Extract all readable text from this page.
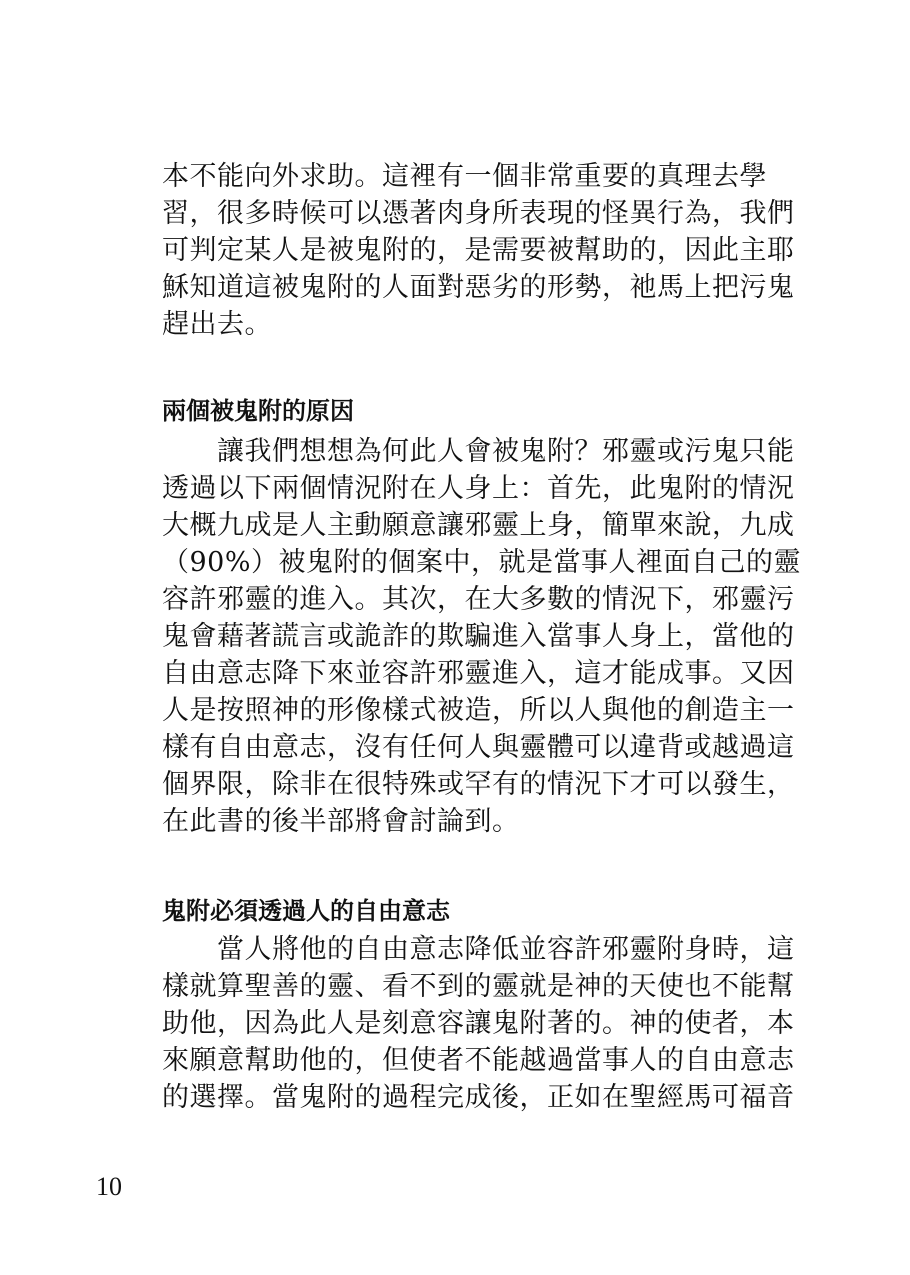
本不能向外求助。這裡有一個非常重要的真理去學
習，很多時候可以憑著肉身所表現的怪異行為，我們
可判定某人是被鬼附的，是需要被幫助的，因此主耶
穌知道這被鬼附的人面對惡劣的形勢，祂馬上把污鬼
趕出去。
兩個被鬼附的原因
　　讓我們想想為何此人會被鬼附？邪靈或污鬼只能
透過以下兩個情況附在人身上：首先，此鬼附的情況
大概九成是人主動願意讓邪靈上身，簡單來說，九成
（90%）被鬼附的個案中，就是當事人裡面自己的靈
容許邪靈的進入。其次，在大多數的情況下，邪靈污
鬼會藉著謊言或詭詐的欺騙進入當事人身上，當他的
自由意志降下來並容許邪靈進入，這才能成事。又因
人是按照神的形像樣式被造，所以人與他的創造主一
樣有自由意志，沒有任何人與靈體可以違背或越過這
個界限，除非在很特殊或罕有的情況下才可以發生，
在此書的後半部將會討論到。
鬼附必須透過人的自由意志
　　當人將他的自由意志降低並容許邪靈附身時，這
樣就算聖善的靈、看不到的靈就是神的天使也不能幫
助他，因為此人是刻意容讓鬼附著的。神的使者，本
來願意幫助他的，但使者不能越過當事人的自由意志
的選擇。當鬼附的過程完成後，正如在聖經馬可福音
10
